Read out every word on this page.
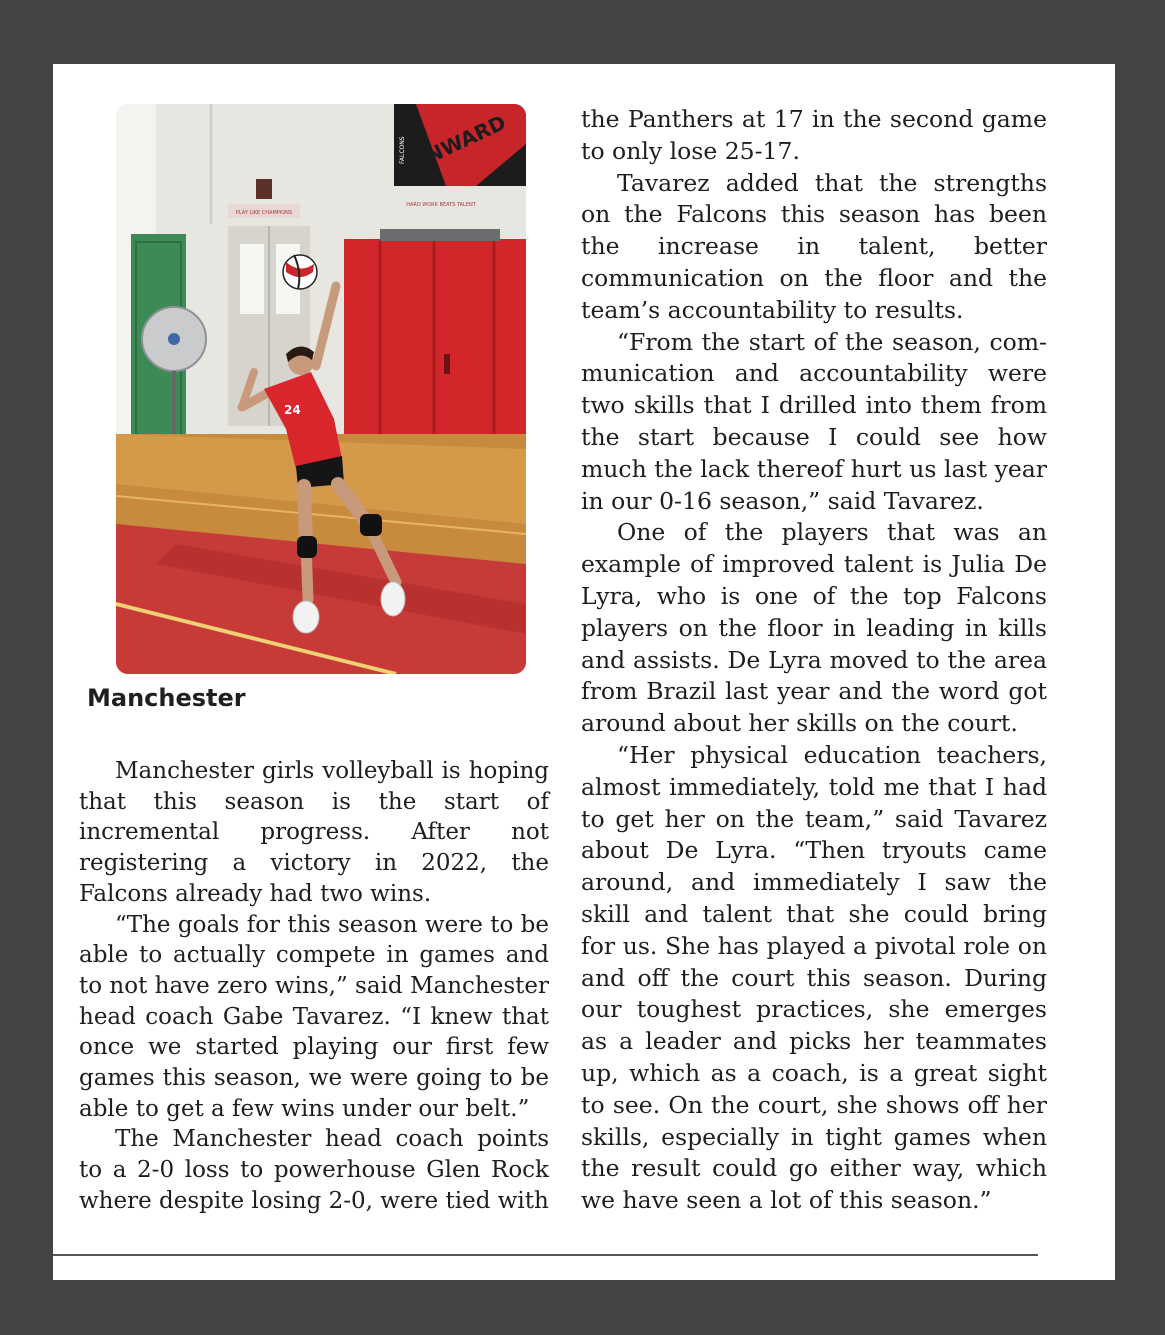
PLAY LIKE CHAMPIONS
HARD WORK BEATS TALENT
ONWARD
FALCONS
24
Manchester

Manchester girls volleyball is hoping that this season is the start of incremental progress. After not registering a victory in 2022, the Falcons already had two wins.

“The goals for this season were to be able to actually compete in games and to not have zero wins,” said Manchester head coach Gabe Tavarez. “I knew that once we started playing our first few games this season, we were going to be able to get a few wins under our belt.”

The Manchester head coach points to a 2-0 loss to powerhouse Glen Rock where despite losing 2-0, were tied with

the Panthers at 17 in the second game to only lose 25-17.

Tavarez added that the strengths on the Falcons this season has been the increase in talent, better communication on the floor and the team’s accountability to results.

“From the start of the season, communication and accountability were two skills that I drilled into them from the start because I could see how much the lack thereof hurt us last year in our 0-16 season,” said Tavarez.

One of the players that was an example of improved talent is Julia De Lyra, who is one of the top Falcons players on the floor in leading in kills and assists. De Lyra moved to the area from Brazil last year and the word got around about her skills on the court.

“Her physical education teachers, almost immediately, told me that I had to get her on the team,” said Tavarez about De Lyra. “Then tryouts came around, and immediately I saw the skill and talent that she could bring for us. She has played a pivotal role on and off the court this season. During our toughest practices, she emerges as a leader and picks her teammates up, which as a coach, is a great sight to see. On the court, she shows off her skills, especially in tight games when the result could go either way, which we have seen a lot of this season.”
